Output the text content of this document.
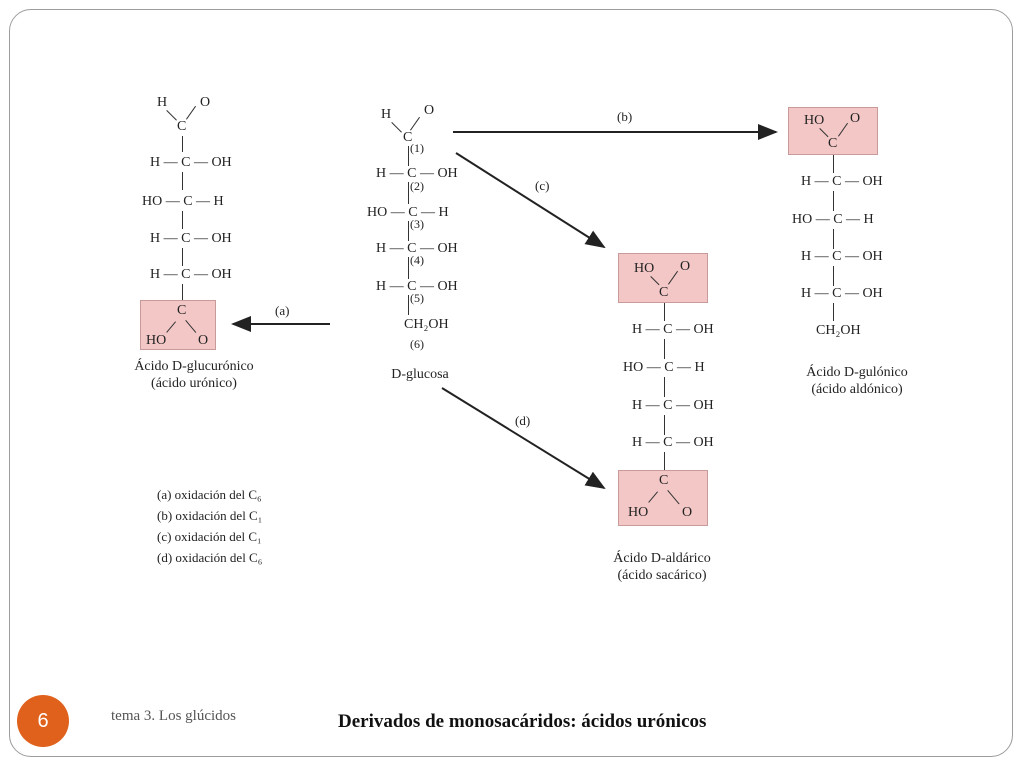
(b)
(c)
(a)
(d)
H O
C
(1)
H — C — OH
(2)
HO — C — H
(3)
H — C — OH
(4)
H — C — OH
(5)
CH₂OH
(6)
D-glucosa
H O
C
H — C — OH
HO — C — H
H — C — OH
H — C — OH
C
HO O
Ácido D-glucurónico
(ácido urónico)
HO O
C
H — C — OH
HO — C — H
H — C — OH
H — C — OH
CH₂OH
Ácido D-gulónico
(ácido aldónico)
HO O
C
H — C — OH
HO — C — H
H — C — OH
H — C — OH
C
HO O
Ácido D-aldárico
(ácido sacárico)
(a) oxidación del C₆
(b) oxidación del C₁
(c) oxidación del C₁
(d) oxidación del C₆
6	tema 3. Los glúcidos	Derivados de monosacáridos: ácidos urónicos
